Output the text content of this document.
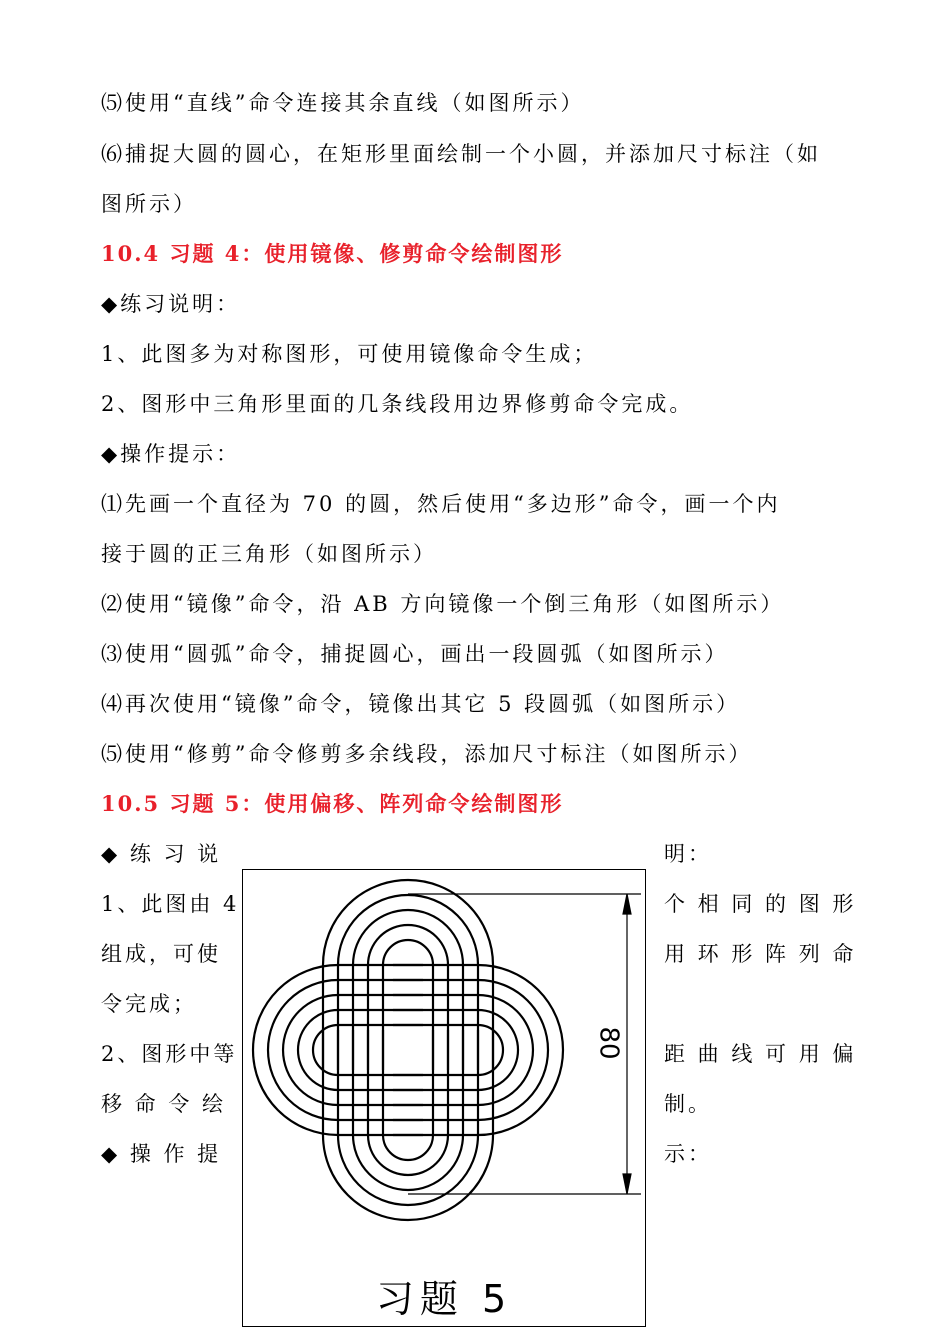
⑸使用“直线”命令连接其余直线（如图所示）
⑹捕捉大圆的圆心，在矩形里面绘制一个小圆，并添加尺寸标注（如
图所示）
10.4 习题 4：使用镜像、修剪命令绘制图形
◆练习说明：
1、此图多为对称图形，可使用镜像命令生成；
2、图形中三角形里面的几条线段用边界修剪命令完成。
◆操作提示：
⑴先画一个直径为 70 的圆，然后使用“多边形”命令，画一个内
接于圆的正三角形（如图所示）
⑵使用“镜像”命令，沿 AB 方向镜像一个倒三角形（如图所示）
⑶使用“圆弧”命令，捕捉圆心，画出一段圆弧（如图所示）
⑷再次使用“镜像”命令，镜像出其它 5 段圆弧（如图所示）
⑸使用“修剪”命令修剪多余线段，添加尺寸标注（如图所示）
10.5 习题 5：使用偏移、阵列命令绘制图形
◆ 练 习 说
1、此图由 4
组成，可使
令完成；
2、图形中等
移 命 令 绘
◆ 操 作 提
明：
个 相 同 的 图 形
用 环 形 阵 列 命
距 曲 线 可 用 偏
制。
示：
习题 5
80
